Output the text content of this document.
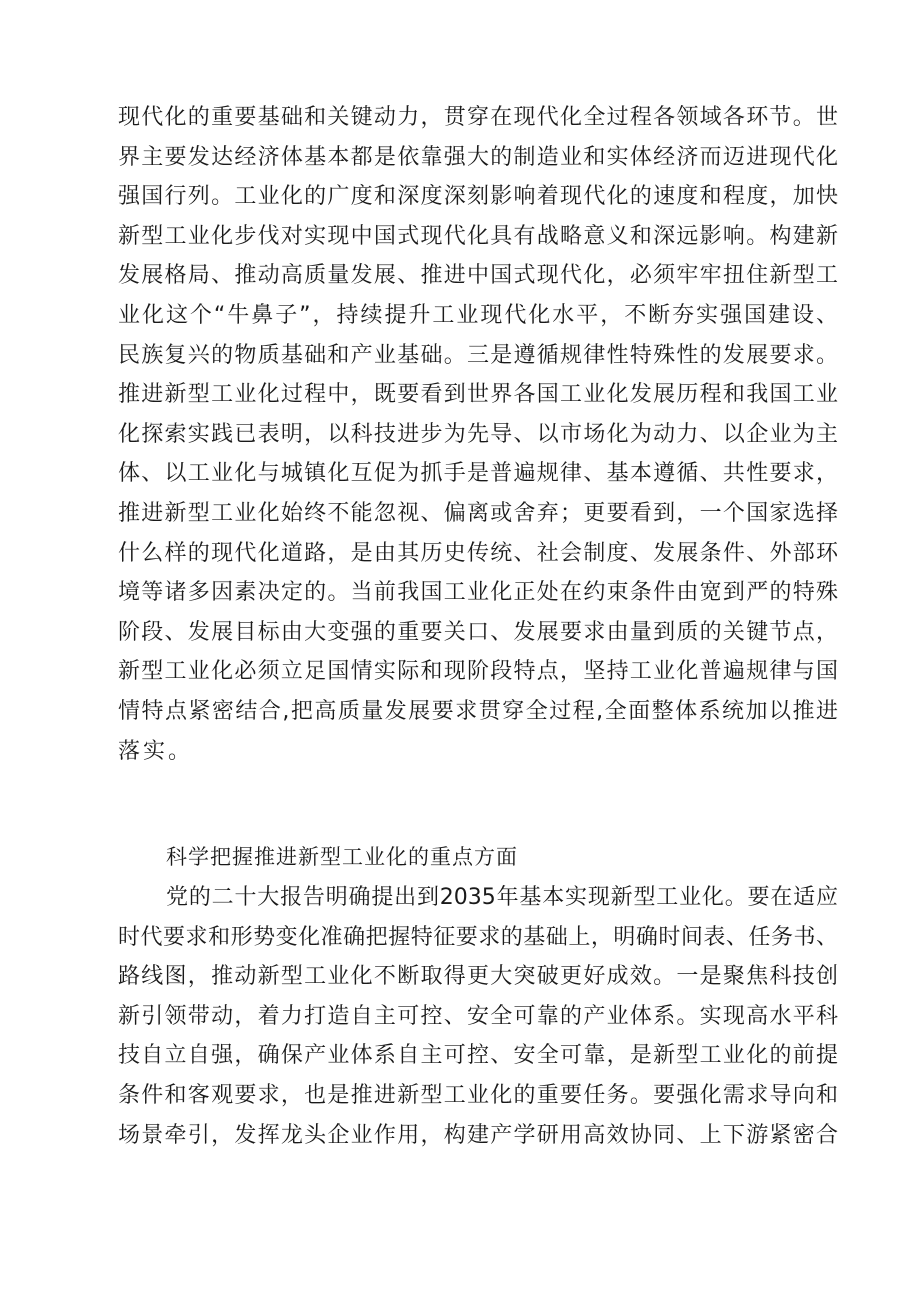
现代化的重要基础和关键动力，贯穿在现代化全过程各领域各环节。世
界主要发达经济体基本都是依靠强大的制造业和实体经济而迈进现代化
强国行列。工业化的广度和深度深刻影响着现代化的速度和程度，加快
新型工业化步伐对实现中国式现代化具有战略意义和深远影响。构建新
发展格局、推动高质量发展、推进中国式现代化，必须牢牢扭住新型工
业化这个“牛鼻子”，持续提升工业现代化水平，不断夯实强国建设、
民族复兴的物质基础和产业基础。三是遵循规律性特殊性的发展要求。
推进新型工业化过程中，既要看到世界各国工业化发展历程和我国工业
化探索实践已表明，以科技进步为先导、以市场化为动力、以企业为主
体、以工业化与城镇化互促为抓手是普遍规律、基本遵循、共性要求，
推进新型工业化始终不能忽视、偏离或舍弃；更要看到，一个国家选择
什么样的现代化道路，是由其历史传统、社会制度、发展条件、外部环
境等诸多因素决定的。当前我国工业化正处在约束条件由宽到严的特殊
阶段、发展目标由大变强的重要关口、发展要求由量到质的关键节点，
新型工业化必须立足国情实际和现阶段特点，坚持工业化普遍规律与国
情特点紧密结合,把高质量发展要求贯穿全过程,全面整体系统加以推进
落实。
科学把握推进新型工业化的重点方面
党的二十大报告明确提出到2035年基本实现新型工业化。要在适应
时代要求和形势变化准确把握特征要求的基础上，明确时间表、任务书、
路线图，推动新型工业化不断取得更大突破更好成效。一是聚焦科技创
新引领带动，着力打造自主可控、安全可靠的产业体系。实现高水平科
技自立自强，确保产业体系自主可控、安全可靠，是新型工业化的前提
条件和客观要求，也是推进新型工业化的重要任务。要强化需求导向和
场景牵引，发挥龙头企业作用，构建产学研用高效协同、上下游紧密合
